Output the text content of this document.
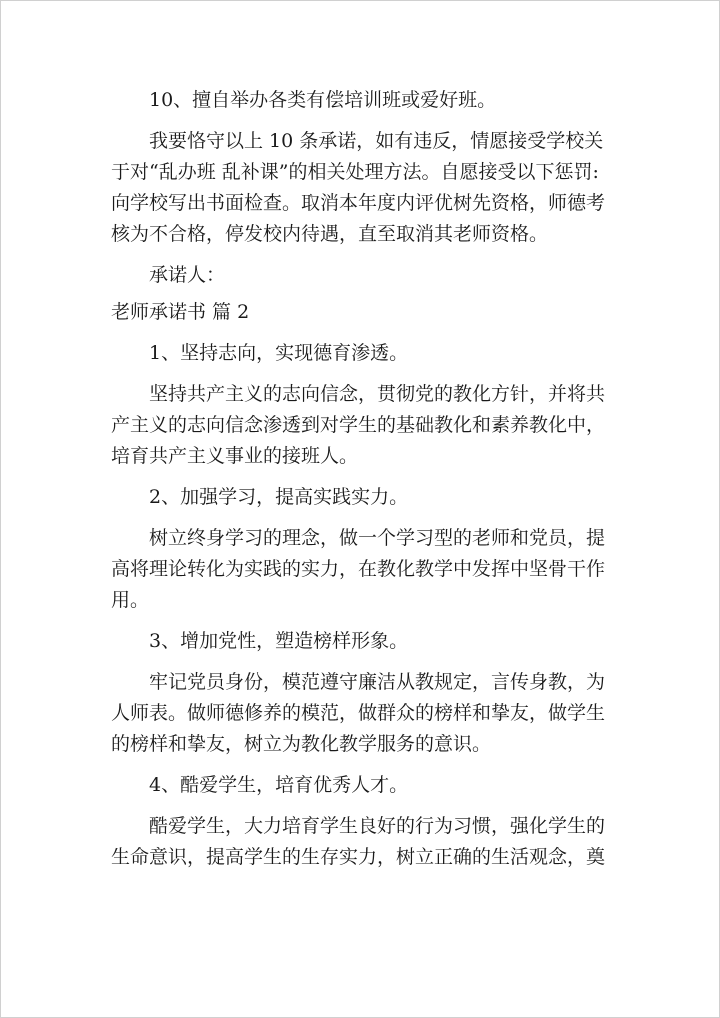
10、擅自举办各类有偿培训班或爱好班。
我要恪守以上 10 条承诺，如有违反，情愿接受学校关
于对“乱办班 乱补课”的相关处理方法。自愿接受以下惩罚:
向学校写出书面检查。取消本年度内评优树先资格，师德考
核为不合格，停发校内待遇，直至取消其老师资格。
承诺人：
老师承诺书 篇 2
1、坚持志向，实现德育渗透。
坚持共产主义的志向信念，贯彻党的教化方针，并将共
产主义的志向信念渗透到对学生的基础教化和素养教化中，
培育共产主义事业的接班人。
2、加强学习，提高实践实力。
树立终身学习的理念，做一个学习型的老师和党员，提
高将理论转化为实践的实力，在教化教学中发挥中坚骨干作
用。
3、增加党性，塑造榜样形象。
牢记党员身份，模范遵守廉洁从教规定，言传身教，为
人师表。做师德修养的模范，做群众的榜样和挚友，做学生
的榜样和挚友，树立为教化教学服务的意识。
4、酷爱学生，培育优秀人才。
酷爱学生，大力培育学生良好的行为习惯，强化学生的
生命意识，提高学生的生存实力，树立正确的生活观念，奠
